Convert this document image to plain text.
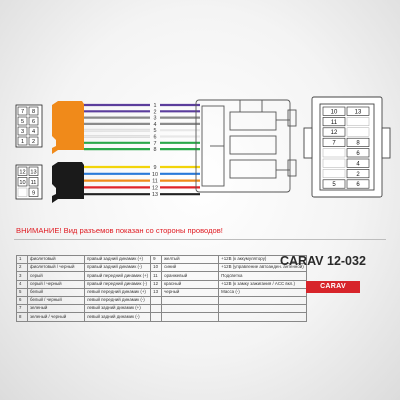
7 8
5 6
3 4
1 2
12 13
10 11
9
1
2
3
4
5
6
7
8
9
10
11
12
13
10	13
11
12
7	8
6
4
2
5	6
ВНИМАНИЕ! Вид разъемов показан со стороны проводов!
1	фиолетовый	правый задний динамик (+)	9	желтый	+12В (к аккумулятору)
2	фиолетовый / черный	правый задний динамик (-)	10	синий	+12В (управление автоанден. антенной)
3	серый	правый передний динамик (+)	11	оранжевый	Подсветка
4	серый / черный	правый передний динамик (-)	12	красный	+12В (к замку зажигания / ACC вкл.)
5	белый	левый передний динамик (+)	13	черный	Масса (-)
6	белый / черный	левый передний динамик (-)			
7	зеленый	левый задний динамик (+)			
8	зеленый / черный	левый задний динамик (-)			
CARAV 12-032
CARAV
